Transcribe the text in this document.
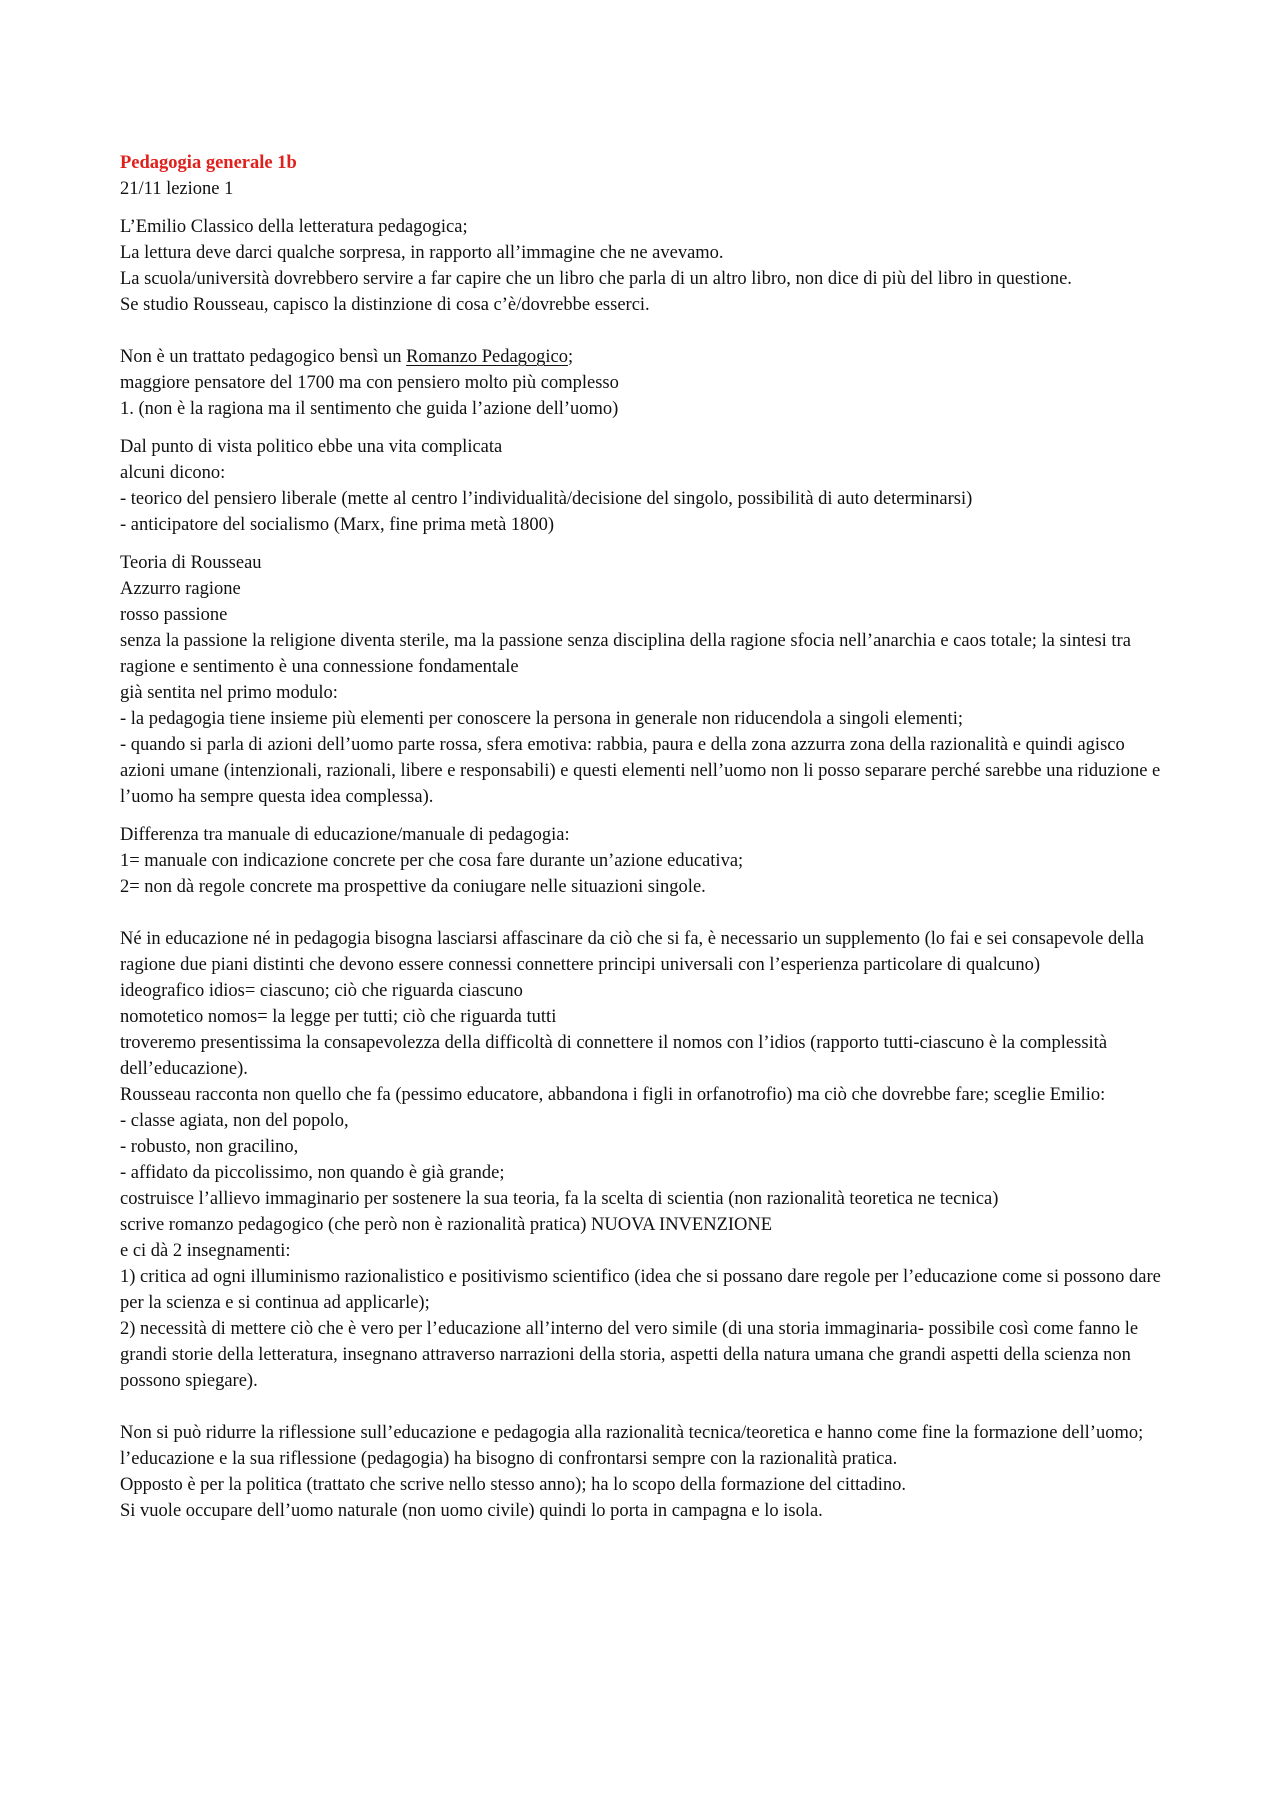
Pedagogia generale 1b
21/11 lezione 1
L’Emilio Classico della letteratura pedagogica;
La lettura deve darci qualche sorpresa, in rapporto all’immagine che ne avevamo.
La scuola/università dovrebbero servire a far capire che un libro che parla di un altro libro, non dice di più del libro in questione.
Se studio Rousseau, capisco la distinzione di cosa c’è/dovrebbe esserci.
Non è un trattato pedagogico bensì un Romanzo Pedagogico;
maggiore pensatore del 1700 ma con pensiero molto più complesso
1. (non è la ragiona ma il sentimento che guida l’azione dell’uomo)
Dal punto di vista politico ebbe una vita complicata
alcuni dicono:
- teorico del pensiero liberale (mette al centro l’individualità/decisione del singolo, possibilità di auto determinarsi)
- anticipatore del socialismo (Marx, fine prima metà 1800)
Teoria di Rousseau
Azzurro ragione
rosso passione
senza la passione la religione diventa sterile, ma la passione senza disciplina della ragione sfocia nell’anarchia e caos totale; la sintesi tra ragione e sentimento è una connessione fondamentale
già sentita nel primo modulo:
- la pedagogia tiene insieme più elementi per conoscere la persona in generale non riducendola a singoli elementi;
- quando si parla di azioni dell’uomo parte rossa, sfera emotiva: rabbia, paura e della zona azzurra zona della razionalità e quindi agisco azioni umane (intenzionali, razionali, libere e responsabili) e questi elementi nell’uomo non li posso separare perché sarebbe una riduzione e l’uomo ha sempre questa idea complessa).
Differenza tra manuale di educazione/manuale di pedagogia:
1= manuale con indicazione concrete per che cosa fare durante un’azione educativa;
2= non dà regole concrete ma prospettive da coniugare nelle situazioni singole.
Né in educazione né in pedagogia bisogna lasciarsi affascinare da ciò che si fa, è necessario un supplemento (lo fai e sei consapevole della ragione due piani distinti che devono essere connessi connettere principi universali con l’esperienza particolare di qualcuno)
ideografico idios= ciascuno; ciò che riguarda ciascuno
nomotetico nomos= la legge per tutti; ciò che riguarda tutti
troveremo presentissima la consapevolezza della difficoltà di connettere il nomos con l’idios (rapporto tutti-ciascuno è la complessità dell’educazione).
Rousseau racconta non quello che fa (pessimo educatore, abbandona i figli in orfanotrofio) ma ciò che dovrebbe fare; sceglie Emilio:
- classe agiata, non del popolo,
- robusto, non gracilino,
- affidato da piccolissimo, non quando è già grande;
costruisce l’allievo immaginario per sostenere la sua teoria, fa la scelta di scientia (non razionalità teoretica ne tecnica)
scrive romanzo pedagogico (che però non è razionalità pratica) NUOVA INVENZIONE
e ci dà 2 insegnamenti:
1) critica ad ogni illuminismo razionalistico e positivismo scientifico (idea che si possano dare regole per l’educazione come si possono dare per la scienza e si continua ad applicarle);
2) necessità di mettere ciò che è vero per l’educazione all’interno del vero simile (di una storia immaginaria- possibile così come fanno le grandi storie della letteratura, insegnano attraverso narrazioni della storia, aspetti della natura umana che grandi aspetti della scienza non possono spiegare).
Non si può ridurre la riflessione sull’educazione e pedagogia alla razionalità tecnica/teoretica e hanno come fine la formazione dell’uomo; l’educazione e la sua riflessione (pedagogia) ha bisogno di confrontarsi sempre con la razionalità pratica.
Opposto è per la politica (trattato che scrive nello stesso anno); ha lo scopo della formazione del cittadino.
Si vuole occupare dell’uomo naturale (non uomo civile) quindi lo porta in campagna e lo isola.
